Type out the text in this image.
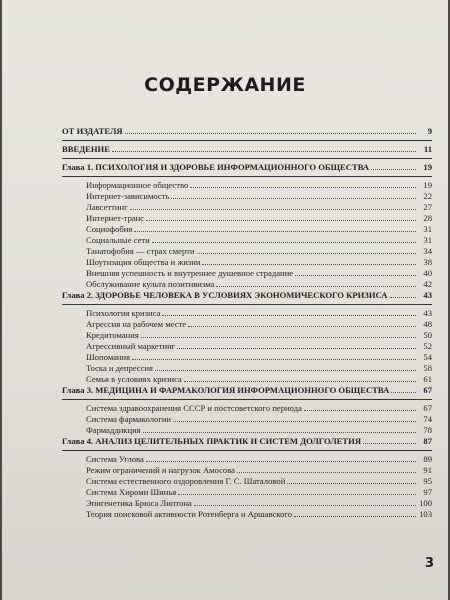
СОДЕРЖАНИЕ
ОТ ИЗДАТЕЛЯ	9
ВВЕДЕНИЕ	11
Глава 1. ПСИХОЛОГИЯ И ЗДОРОВЬЕ ИНФОРМАЦИОННОГО ОБЩЕСТВА	19
Информационное общество	19
Интернет-зависимость	22
Лавсеттинг	27
Интернет-транс	28
Социофобия	31
Социальные сети	31
Танатофобия — страх смерти	34
Шоутизация общества и жизни	38
Внешняя успешность и внутреннее душевное страдание	40
Обслуживание культа позитивизма	42
Глава 2. ЗДОРОВЬЕ ЧЕЛОВЕКА В УСЛОВИЯХ ЭКОНОМИЧЕСКОГО КРИЗИСА	43
Психология кризиса	43
Агрессия на рабочем месте	48
Кредитомания	50
Агрессивный маркетинг	52
Шопомания	54
Тоска и депрессия	58
Семья в условиях кризиса	61
Глава 3. МЕДИЦИНА И ФАРМАКОЛОГИЯ ИНФОРМАЦИОННОГО ОБЩЕСТВА	67
Система здравоохранения СССР и постсоветского периода	67
Система фармакологии	74
Фармаддикция	78
Глава 4. АНАЛИЗ ЦЕЛИТЕЛЬНЫХ ПРАКТИК И СИСТЕМ ДОЛГОЛЕТИЯ	87
Система Углова	89
Режим ограничений и нагрузок Амосова	91
Система естественного оздоровления Г. С. Шаталовой	95
Система Хироми Шинья	97
Эпигенетика Брюса Липтона	100
Теория поисковой активности Ротенберга и Аршавского	103
3
